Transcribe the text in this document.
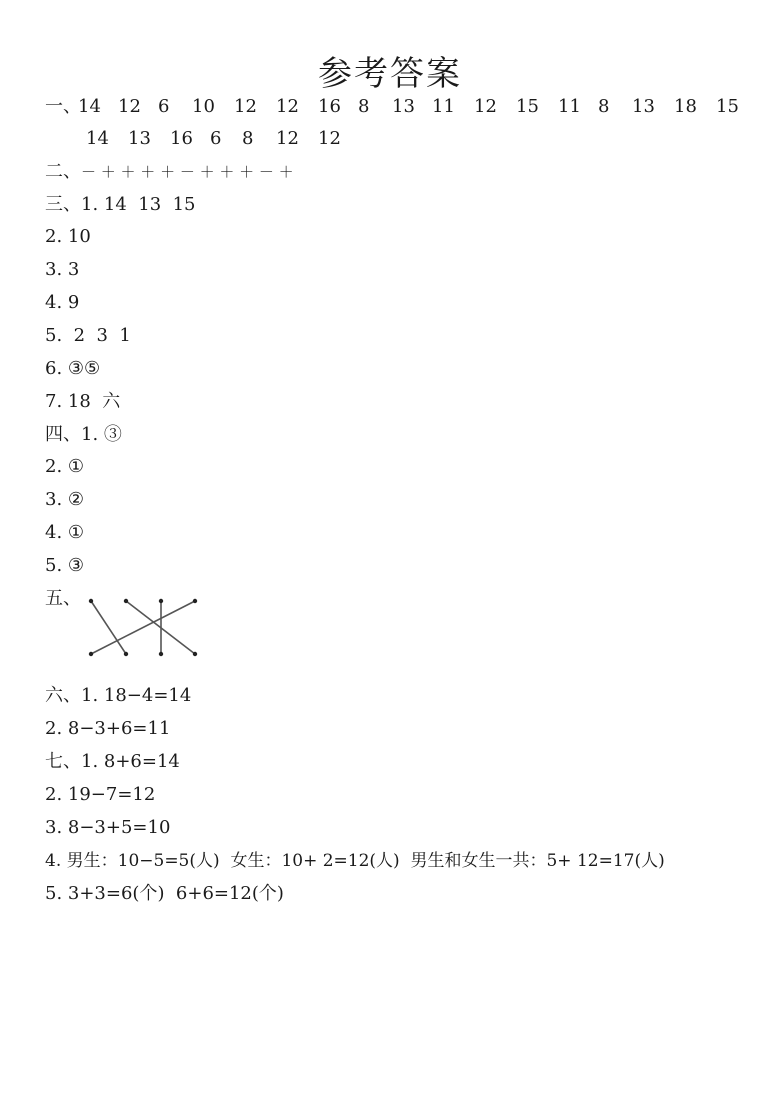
参考答案
一、
14 12 6 10 12 12 16 8 13 11 12 15 11 8 13 18 15
14 13 16 6 8 12 12
二、－ ＋ ＋ ＋ ＋ － ＋ ＋ ＋ － ＋
三、1. 14  13  15
2. 10
3. 3
4. 9
5.  2  3  1
6. ③⑤
7. 18  六
四、1. ③
2. ①
3. ②
4. ①
5. ③
五、
六、1. 18−4=14
2. 8−3+6=11
七、1. 8+6=14
2. 19−7=12
3. 8−3+5=10
4. 男生：10−5=5(人)  女生：10+ 2=12(人)  男生和女生一共：5+ 12=17(人)
5. 3+3=6(个)  6+6=12(个)
